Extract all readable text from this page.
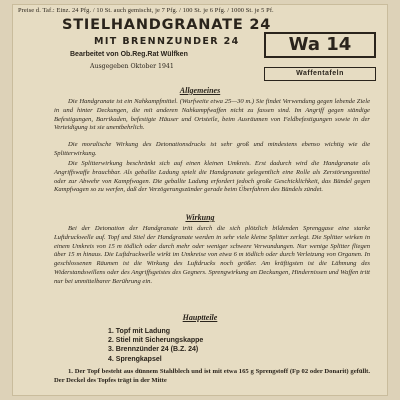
Preise d. Taf.: Einz. 24 Pfg. / 10 St. auch gemischt, je 7 Pfg. / 100 St. je 6 Pfg. / 1000 St. je 5 Pf.
STIELHANDGRANATE 24
MIT BRENNZUNDER 24
Bearbeitet von Ob.Reg.Rat Wülfken
Ausgegeben Oktober 1941
Wa 14
Waffentafeln
Allgemeines
Die Handgranate ist ein Nahkampfmittel. (Wurfweite etwa 25—30 m.) Sie findet Verwendung gegen lebende Ziele in und hinter Deckungen, die mit anderen Nahkampfwaffen nicht zu fassen sind. Im Angriff gegen ständige Befestigungen, Barrikaden, befestigte Häuser und Ortsteile, beim Ausräumen von Feldbefestigungen sowie in der Verteidigung ist sie unentbehrlich.
Die moralische Wirkung des Detonationsdrucks ist sehr groß und mindestens ebenso wichtig wie die Splitterwirkung.
Die Splitterwirkung beschränkt sich auf einen kleinen Umkreis. Erst dadurch wird die Handgranate als Angriffswaffe brauchbar. Als geballte Ladung spielt die Handgranate gelegentlich eine Rolle als Zerstörungsmittel oder zur Abwehr von Kampfwagen. Die geballte Ladung erfordert jedoch große Geschicklichkeit, das Bündel gegen Kampfwagen so zu werfen, daß der Verzögerungszünder gerade beim Überfahren des Bündels zündet.
Wirkung
Bei der Detonation der Handgranate tritt durch die sich plötzlich bildenden Sprenggase eine starke Luftdruckwelle auf. Topf und Stiel der Handgranate werden in sehr viele kleine Splitter zerlegt. Die Splitter wirken in einem Umkreis von 15 m tödlich oder durch mehr oder weniger schwere Verwundungen. Nur wenige Splitter fliegen über 15 m hinaus. Die Luftdruckwelle wirkt im Umkreise von etwa 6 m tödlich oder durch Verletzung von Organen. In geschlossenen Räumen ist die Wirkung des Luftdrucks noch größer. Am kräftigsten ist die Lähmung des Widerstandswillens oder des Angriffsgeistes des Gegners. Sprengwirkung an Deckungen, Hindernissen und Waffen tritt nur bei unmittelbarer Berührung ein.
Hauptteile
1. Topf mit Ladung
2. Stiel mit Sicherungskappe
3. Brennzünder 24 (B.Z. 24)
4. Sprengkapsel
1. Der Topf besteht aus dünnem Stahlblech und ist mit etwa 165 g Sprengstoff (Fp 02 oder Donarit) gefüllt. Der Deckel des Topfes trägt in der Mitte
